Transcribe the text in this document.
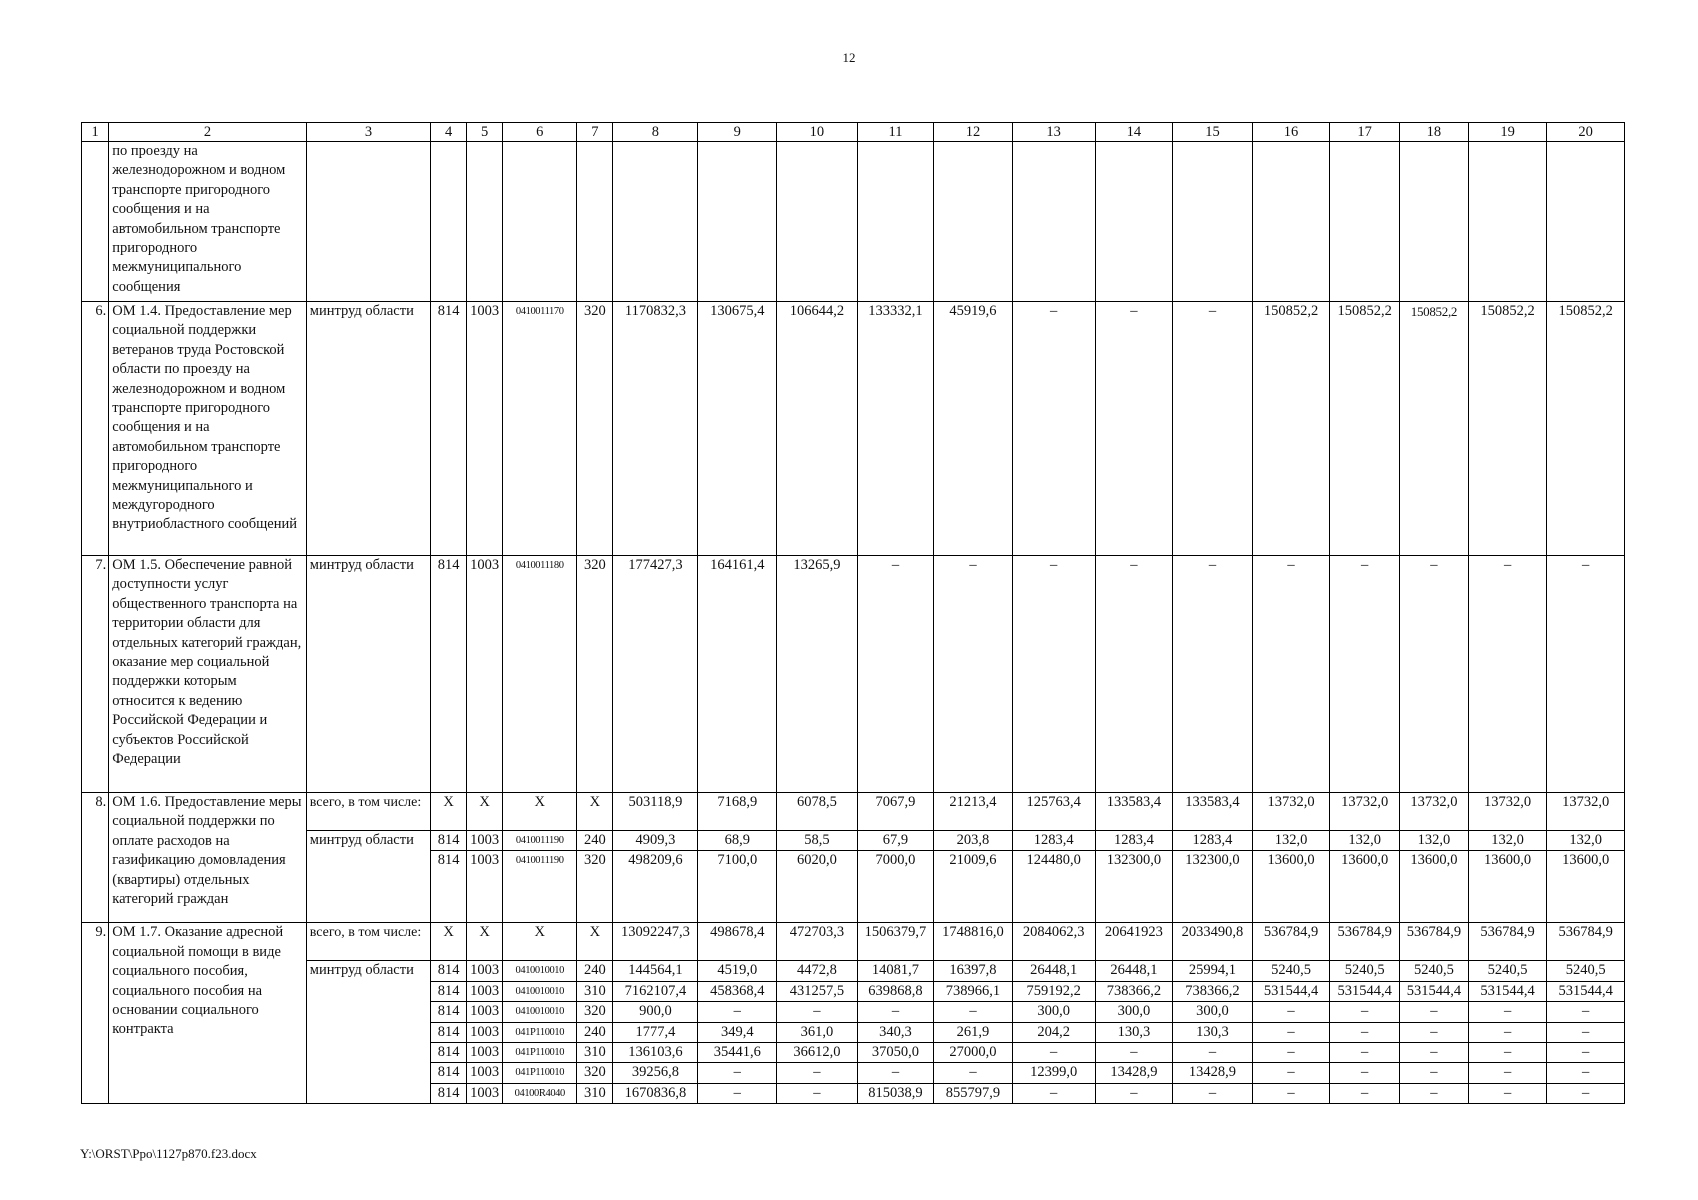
12
1	2	3	4	5	6	7	8	9	10	11	12	13	14	15	16	17	18	19	20
	по проезду на железнодорожном и водном транспорте пригородного сообщения и на автомобильном транспорте пригородного межмуниципального сообщения																		
6.	ОМ 1.4. Предоставление мер социальной поддержки ветеранов труда Ростовской области по проезду на железнодорожном и водном транспорте пригородного сообщения и на автомобильном транспорте пригородного межмуниципального и междугородного внутриобластного сообщений	минтруд области	814	1003	0410011170	320	1170832,3	130675,4	106644,2	133332,1	45919,6	–	–	–	150852,2	150852,2	150852,2	150852,2	150852,2
7.	ОМ 1.5. Обеспечение равной доступности услуг общественного транспорта на территории области для отдельных категорий граждан, оказание мер социальной поддержки которым относится к ведению Российской Федерации и субъектов Российской Федерации	минтруд области	814	1003	0410011180	320	177427,3	164161,4	13265,9	–	–	–	–	–	–	–	–	–	–
8.	ОМ 1.6. Предоставление меры социальной поддержки по оплате расходов на газификацию домовладения (квартиры) отдельных категорий граждан	всего, в том числе:	X	X	X	X	503118,9	7168,9	6078,5	7067,9	21213,4	125763,4	133583,4	133583,4	13732,0	13732,0	13732,0	13732,0	13732,0
		минтруд области	814	1003	0410011190	240	4909,3	68,9	58,5	67,9	203,8	1283,4	1283,4	1283,4	132,0	132,0	132,0	132,0	132,0
			814	1003	0410011190	320	498209,6	7100,0	6020,0	7000,0	21009,6	124480,0	132300,0	132300,0	13600,0	13600,0	13600,0	13600,0	13600,0
9.	ОМ 1.7. Оказание адресной социальной помощи в виде социального пособия, социального пособия на основании социального контракта	всего, в том числе:	X	X	X	X	13092247,3	498678,4	472703,3	1506379,7	1748816,0	2084062,3	20641923	2033490,8	536784,9	536784,9	536784,9	536784,9	536784,9
		минтруд области	814	1003	0410010010	240	144564,1	4519,0	4472,8	14081,7	16397,8	26448,1	26448,1	25994,1	5240,5	5240,5	5240,5	5240,5	5240,5
			814	1003	0410010010	310	7162107,4	458368,4	431257,5	639868,8	738966,1	759192,2	738366,2	738366,2	531544,4	531544,4	531544,4	531544,4	531544,4
			814	1003	0410010010	320	900,0	–	–	–	–	300,0	300,0	300,0	–	–	–	–	–
			814	1003	041P110010	240	1777,4	349,4	361,0	340,3	261,9	204,2	130,3	130,3	–	–	–	–	–
			814	1003	041P110010	310	136103,6	35441,6	36612,0	37050,0	27000,0	–	–	–	–	–	–	–	–
			814	1003	041P110010	320	39256,8	–	–	–	–	12399,0	13428,9	13428,9	–	–	–	–	–
			814	1003	04100R4040	310	1670836,8	–	–	815038,9	855797,9	–	–	–	–	–	–	–	–
Y:\ORST\Ppo\1127p870.f23.docx
